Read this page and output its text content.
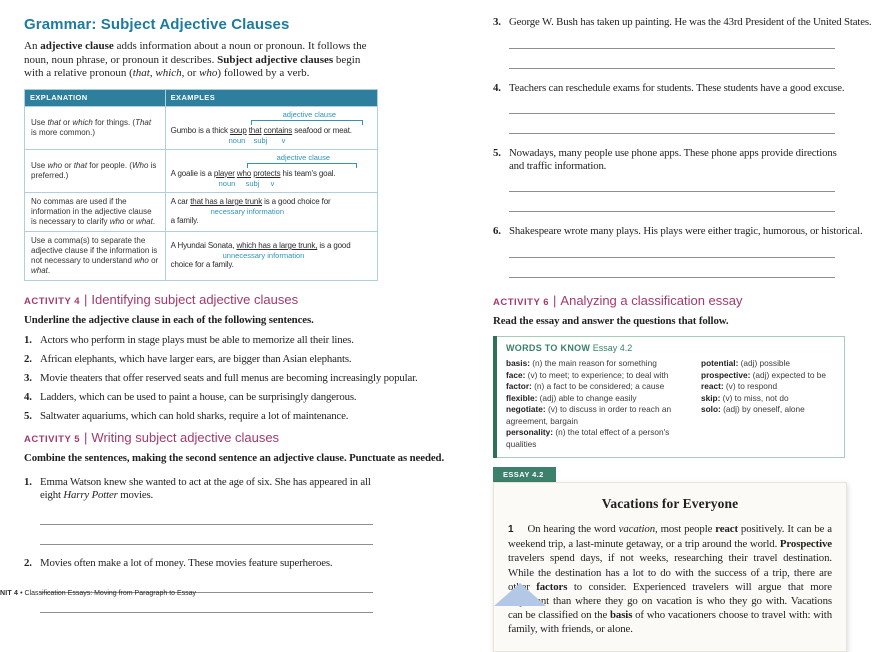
Grammar: Subject Adjective Clauses
An adjective clause adds information about a noun or pronoun. It follows the noun, noun phrase, or pronoun it describes. Subject adjective clauses begin with a relative pronoun (that, which, or who) followed by a verb.
EXPLANATION	EXAMPLES
Use that or which for things. (That is more common.)	adjective clause
Gumbo is a thick soup that contains seafood or meat.
noun subj v

Use who or that for people. (Who is preferred.)	adjective clause
A goalie is a player who protects his team's goal.
noun subj v

No commas are used if the information in the adjective clause is necessary to clarify who or what.	A car that has a large trunk is a good choice for
necessary information
a family.

Use a comma(s) to separate the adjective clause if the information is not necessary to understand who or what.	A Hyundai Sonata, which has a large trunk, is a good
unnecessary information
choice for a family.
ACTIVITY 4 | Identifying subject adjective clauses
Underline the adjective clause in each of the following sentences.
1. Actors who perform in stage plays must be able to memorize all their lines.
2. African elephants, which have larger ears, are bigger than Asian elephants.
3. Movie theaters that offer reserved seats and full menus are becoming increasingly popular.
4. Ladders, which can be used to paint a house, can be surprisingly dangerous.
5. Saltwater aquariums, which can hold sharks, require a lot of maintenance.
ACTIVITY 5 | Writing subject adjective clauses
Combine the sentences, making the second sentence an adjective clause. Punctuate as needed.
1. Emma Watson knew she wanted to act at the age of six. She has appeared in all eight Harry Potter movies.
2. Movies often make a lot of money. These movies feature superheroes.
NIT 4 • Classification Essays: Moving from Paragraph to Essay
3. George W. Bush has taken up painting. He was the 43rd President of the United States.
4. Teachers can reschedule exams for students. These students have a good excuse.
5. Nowadays, many people use phone apps. These phone apps provide directions and traffic information.
6. Shakespeare wrote many plays. His plays were either tragic, humorous, or historical.
ACTIVITY 6 | Analyzing a classification essay
Read the essay and answer the questions that follow.
WORDS TO KNOW Essay 4.2
basis: (n) the main reason for something
face: (v) to meet; to experience; to deal with
factor: (n) a fact to be considered; a cause
flexible: (adj) able to change easily
negotiate: (v) to discuss in order to reach an agreement, bargain
personality: (n) the total effect of a person's qualities
potential: (adj) possible
prospective: (adj) expected to be
react: (v) to respond
skip: (v) to miss, not do
solo: (adj) by oneself, alone
ESSAY 4.2
Vacations for Everyone
1 On hearing the word vacation, most people react positively. It can be a weekend trip, a last-minute getaway, or a trip around the world. Prospective travelers spend days, if not weeks, researching their travel destination. While the destination has a lot to do with the success of a trip, there are other factors to consider. Experienced travelers will argue that more important than where they go on vacation is who they go with. Vacations can be classified on the basis of who vacationers choose to travel with: with family, with friends, or alone.
